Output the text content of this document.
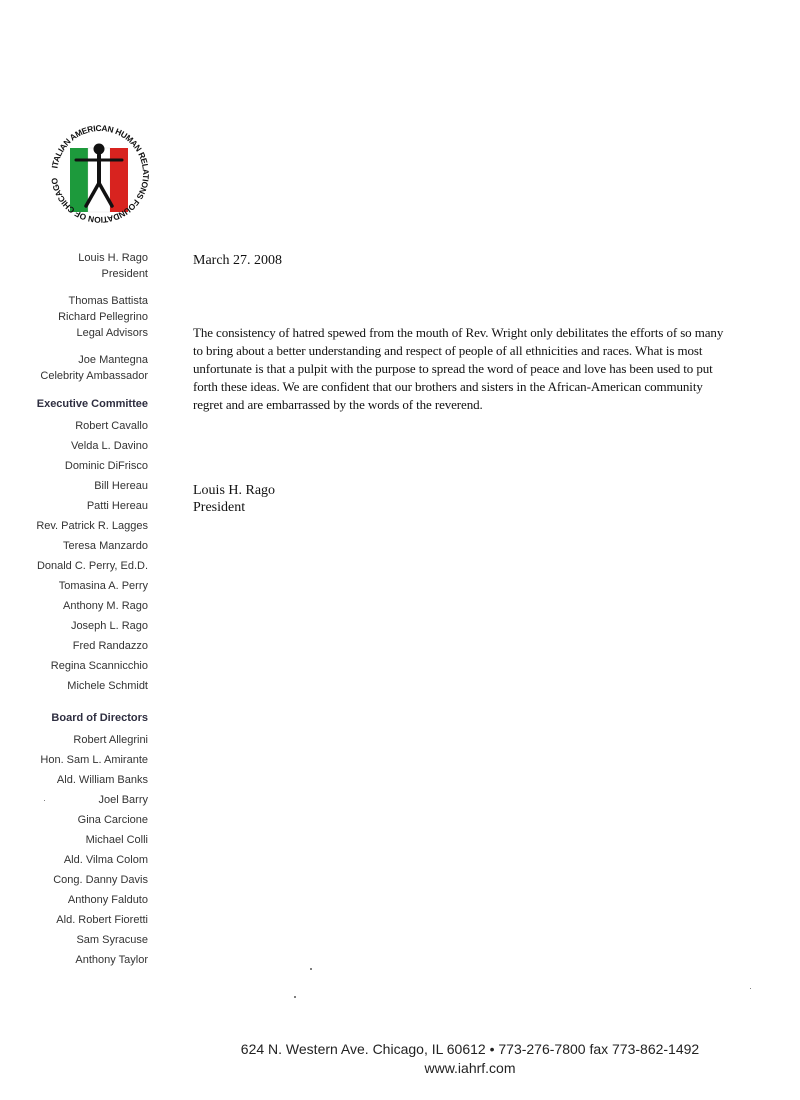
ITALIAN AMERICAN HUMAN REL IONS FOUNDATION OF CHICAGO
Louis H. Rago
President
Thomas Battista
Richard Pellegrino
Legal Advisors
Joe Mantegna
Celebrity Ambassador
Executive Committee
Robert Cavallo
Velda L. Davino
Dominic DiFrisco
Bill Hereau
Patti Hereau
Rev. Patrick R. Lagges
Teresa Manzardo
Donald C. Perry, Ed.D.
Tomasina A. Perry
Anthony M. Rago
Joseph L. Rago
Fred Randazzo
Regina Scannicchio
Michele Schmidt
Board of Directors
Robert Allegrini
Hon. Sam L. Amirante
Ald. William Banks
Joel Barry
Gina Carcione
Michael Colli
Ald. Vilma Colom
Cong. Danny Davis
Anthony Falduto
Ald. Robert Fioretti
Sam Syracuse
Anthony Taylor

March 27. 2008

The consistency of hatred spewed from the mouth of Rev. Wright only debilitates the efforts of so many to bring about a better understanding and respect of people of all ethnicities and races. What is most unfortunate is that a pulpit with the purpose to spread the word of peace and love has been used to put forth these ideas. We are confident that our brothers and sisters in the African-American community regret and are embarrassed by the words of the reverend.

Louis H. Rago
President
624 N. Western Ave. Chicago, IL 60612 • 773-276-7800 fax 773-862-1492
www.iahrf.com
